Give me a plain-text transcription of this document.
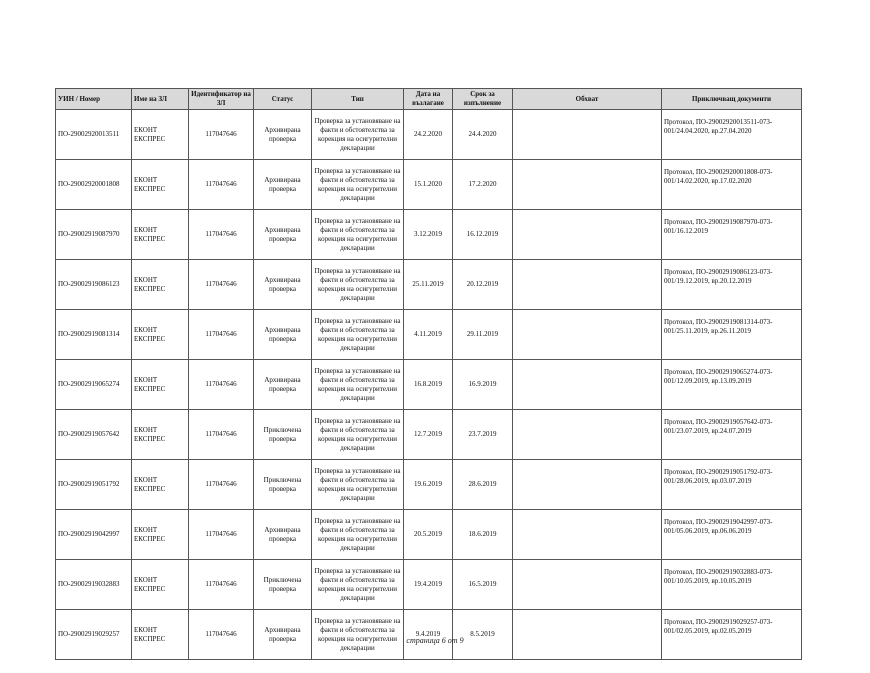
УИН / Номер	Име на ЗЛ	Идентификатор на ЗЛ	Статус	Тип	Дата на възлагане	Срок за изпълнение	Обхват	Приключващ документи
ПО-29002920013511	ЕКОНТ ЕКСПРЕС	117047646	Архивирана проверка	Проверка за установяване на факти и обстоятелства за корекция на осигурителни декларации	24.2.2020	24.4.2020		Протокол, ПО-29002920013511-073-001/24.04.2020, вр.27.04.2020
ПО-29002920001808	ЕКОНТ ЕКСПРЕС	117047646	Архивирана проверка	Проверка за установяване на факти и обстоятелства за корекция на осигурителни декларации	15.1.2020	17.2.2020		Протокол, ПО-29002920001808-073-001/14.02.2020, вр.17.02.2020
ПО-29002919087970	ЕКОНТ ЕКСПРЕС	117047646	Архивирана проверка	Проверка за установяване на факти и обстоятелства за корекция на осигурителни декларации	3.12.2019	16.12.2019		Протокол, ПО-29002919087970-073-001/16.12.2019
ПО-29002919086123	ЕКОНТ ЕКСПРЕС	117047646	Архивирана проверка	Проверка за установяване на факти и обстоятелства за корекция на осигурителни декларации	25.11.2019	20.12.2019		Протокол, ПО-29002919086123-073-001/19.12.2019, вр.20.12.2019
ПО-29002919081314	ЕКОНТ ЕКСПРЕС	117047646	Архивирана проверка	Проверка за установяване на факти и обстоятелства за корекция на осигурителни декларации	4.11.2019	29.11.2019		Протокол, ПО-29002919081314-073-001/25.11.2019, вр.26.11.2019
ПО-29002919065274	ЕКОНТ ЕКСПРЕС	117047646	Архивирана проверка	Проверка за установяване на факти и обстоятелства за корекция на осигурителни декларации	16.8.2019	16.9.2019		Протокол, ПО-29002919065274-073-001/12.09.2019, вр.13.09.2019
ПО-29002919057642	ЕКОНТ ЕКСПРЕС	117047646	Приключена проверка	Проверка за установяване на факти и обстоятелства за корекция на осигурителни декларации	12.7.2019	23.7.2019		Протокол, ПО-29002919057642-073-001/23.07.2019, вр.24.07.2019
ПО-29002919051792	ЕКОНТ ЕКСПРЕС	117047646	Приключена проверка	Проверка за установяване на факти и обстоятелства за корекция на осигурителни декларации	19.6.2019	28.6.2019		Протокол, ПО-29002919051792-073-001/28.06.2019, вр.03.07.2019
ПО-29002919042997	ЕКОНТ ЕКСПРЕС	117047646	Архивирана проверка	Проверка за установяване на факти и обстоятелства за корекция на осигурителни декларации	20.5.2019	18.6.2019		Протокол, ПО-29002919042997-073-001/05.06.2019, вр.06.06.2019
ПО-29002919032883	ЕКОНТ ЕКСПРЕС	117047646	Приключена проверка	Проверка за установяване на факти и обстоятелства за корекция на осигурителни декларации	19.4.2019	16.5.2019		Протокол, ПО-29002919032883-073-001/10.05.2019, вр.10.05.2019
ПО-29002919029257	ЕКОНТ ЕКСПРЕС	117047646	Архивирана проверка	Проверка за установяване на факти и обстоятелства за корекция на осигурителни декларации	9.4.2019	8.5.2019		Протокол, ПО-29002919029257-073-001/02.05.2019, вр.02.05.2019
страница 6 от 9
